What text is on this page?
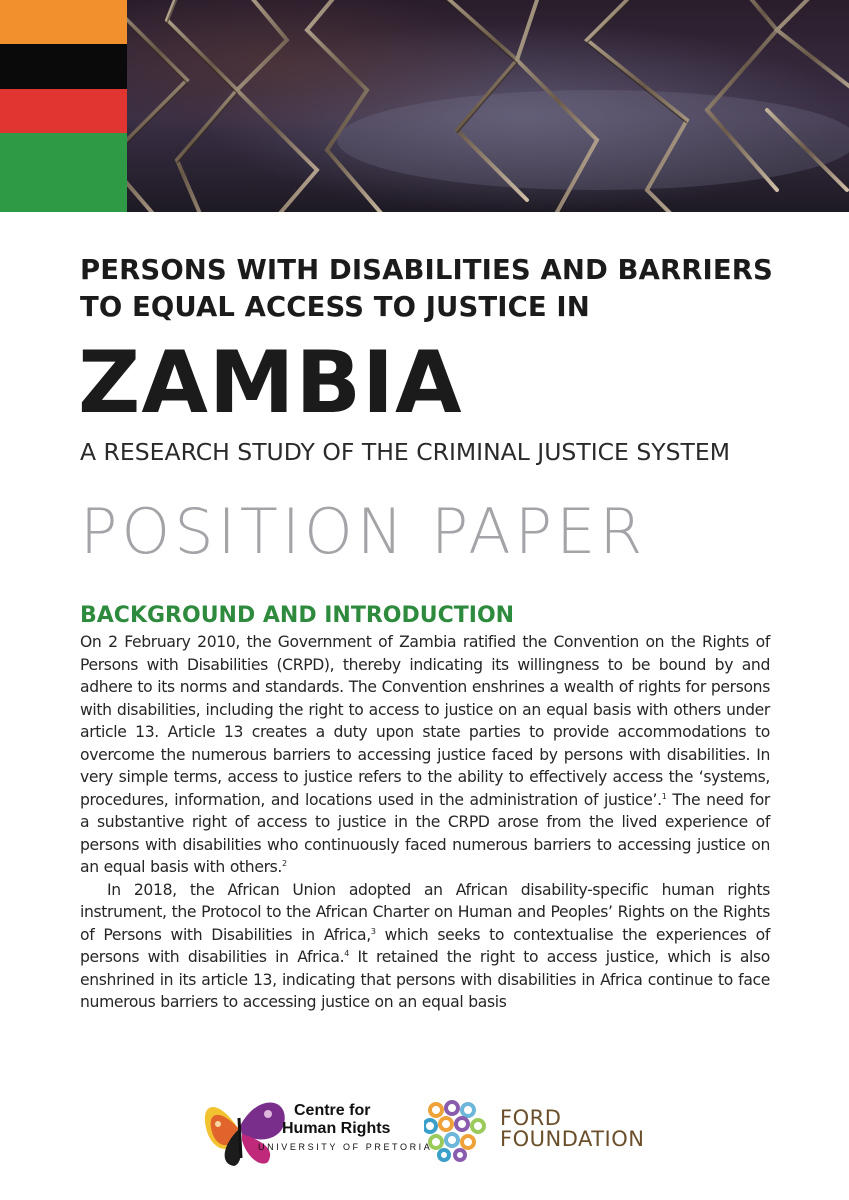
PERSONS WITH DISABILITIES AND BARRIERS
TO EQUAL ACCESS TO JUSTICE IN
ZAMBIA
A RESEARCH STUDY OF THE CRIMINAL JUSTICE SYSTEM
POSITION PAPER
BACKGROUND AND INTRODUCTION

On 2 February 2010, the Government of Zambia ratified the Convention on the Rights of Persons with Disabilities (CRPD), thereby indicating its willingness to be bound by and adhere to its norms and standards. The Convention enshrines a wealth of rights for persons with disabilities, including the right to access to justice on an equal basis with others under article 13. Article 13 creates a duty upon state parties to provide accommodations to overcome the numerous barriers to accessing justice faced by persons with disabilities. In very simple terms, access to justice refers to the ability to effectively access the ‘systems, procedures, information, and locations used in the administration of justice’.$^1$ The need for a substantive right of access to justice in the CRPD arose from the lived experience of persons with disabilities who continuously faced numerous barriers to accessing justice on an equal basis with others.$^2$

In 2018, the African Union adopted an African disability-specific human rights instrument, the Protocol to the African Charter on Human and Peoples’ Rights on the Rights of Persons with Disabilities in Africa,$^3$ which seeks to contextualise the experiences of persons with disabilities in Africa.$^4$ It retained the right to access justice, which is also enshrined in its article 13, indicating that persons with disabilities in Africa continue to face numerous barriers to accessing justice on an equal basis

Centre for
Human Rights
UNIVERSITY OF PRETORIA
FORD
FOUNDATION
